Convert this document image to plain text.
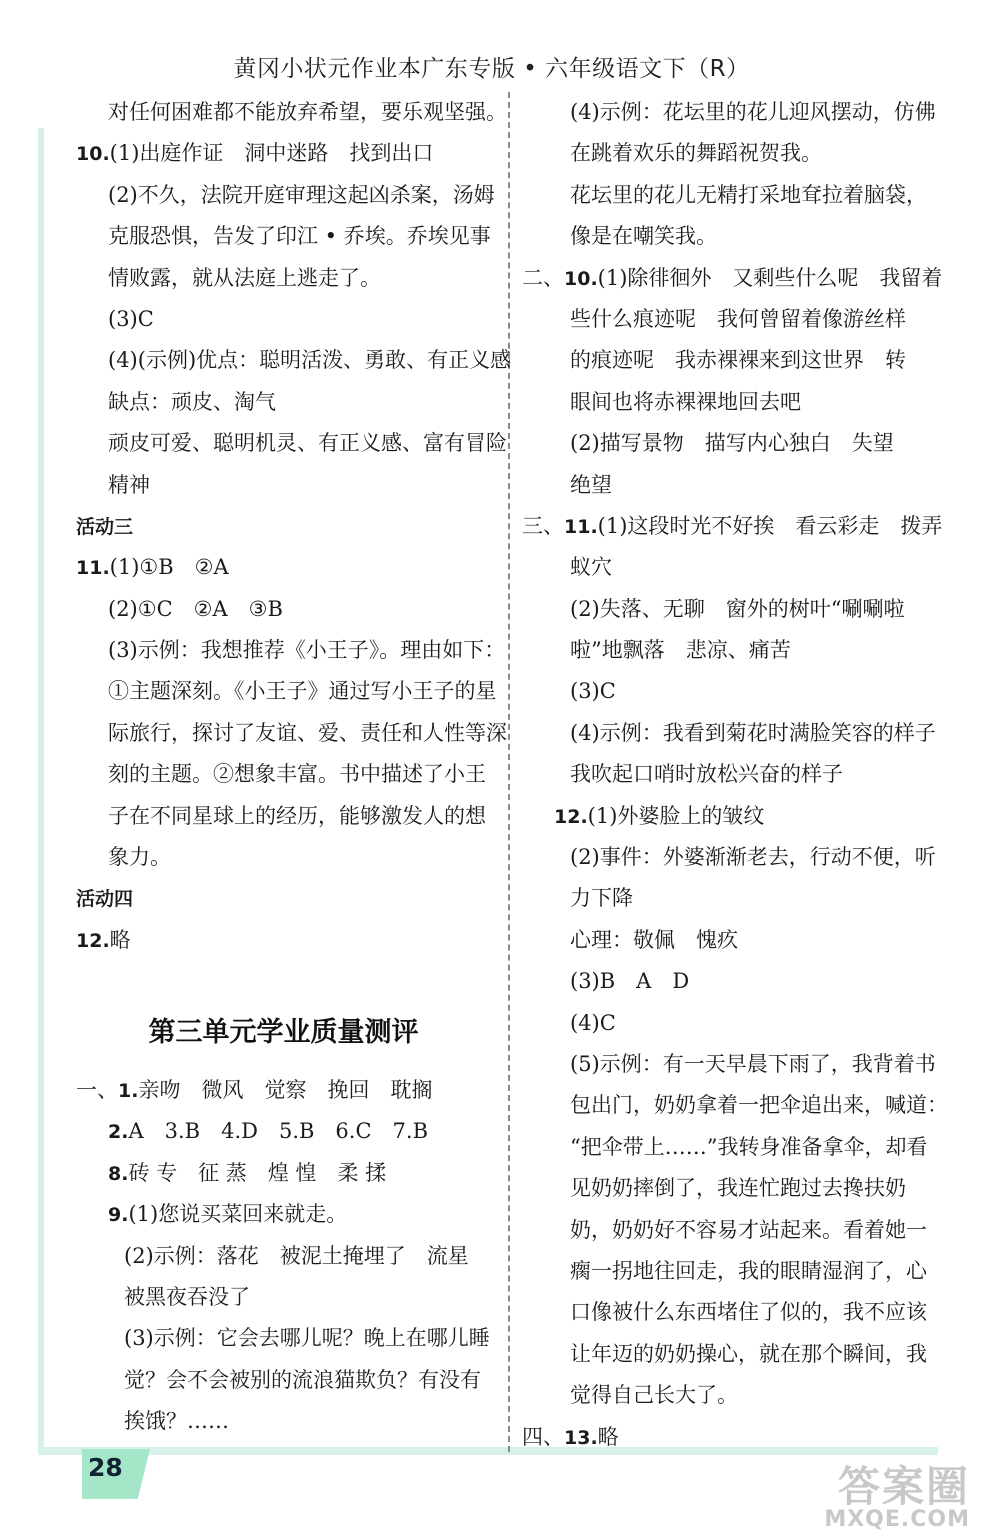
黄冈小状元作业本广东专版 • 六年级语文下（R）
对任何困难都不能放弃希望，要乐观坚强。
10.(1)出庭作证　洞中迷路　找到出口
(2)不久，法院开庭审理这起凶杀案，汤姆
克服恐惧，告发了印江 • 乔埃。乔埃见事
情败露，就从法庭上逃走了。
(3)C
(4)(示例)优点：聪明活泼、勇敢、有正义感
缺点：顽皮、淘气
顽皮可爱、聪明机灵、有正义感、富有冒险
精神
活动三
11.(1)①B　②A
(2)①C　②A　③B
(3)示例：我想推荐《小王子》。理由如下：
①主题深刻。《小王子》通过写小王子的星
际旅行，探讨了友谊、爱、责任和人性等深
刻的主题。②想象丰富。书中描述了小王
子在不同星球上的经历，能够激发人的想
象力。
活动四
12.略
第三单元学业质量测评
一、1.亲吻　微风　觉察　挽回　耽搁
2.A　3.B　4.D　5.B　6.C　7.B
8.砖 专　征 蒸　煌 惶　柔 揉
9.(1)您说买菜回来就走。
(2)示例：落花　被泥土掩埋了　流星
被黑夜吞没了
(3)示例：它会去哪儿呢？晚上在哪儿睡
觉？会不会被别的流浪猫欺负？有没有
挨饿？……
(4)示例：花坛里的花儿迎风摆动，仿佛
在跳着欢乐的舞蹈祝贺我。
花坛里的花儿无精打采地耷拉着脑袋，
像是在嘲笑我。
二、10.(1)除徘徊外　又剩些什么呢　我留着
些什么痕迹呢　我何曾留着像游丝样
的痕迹呢　我赤裸裸来到这世界　转
眼间也将赤裸裸地回去吧
(2)描写景物　描写内心独白　失望
绝望
三、11.(1)这段时光不好挨　看云彩走　拨弄
蚁穴
(2)失落、无聊　窗外的树叶“唰唰啦
啦”地飘落　悲凉、痛苦
(3)C
(4)示例：我看到菊花时满脸笑容的样子
我吹起口哨时放松兴奋的样子
12.(1)外婆脸上的皱纹
(2)事件：外婆渐渐老去，行动不便，听
力下降
心理：敬佩　愧疚
(3)B　A　D
(4)C
(5)示例：有一天早晨下雨了，我背着书
包出门，奶奶拿着一把伞追出来，喊道：
“把伞带上……”我转身准备拿伞，却看
见奶奶摔倒了，我连忙跑过去搀扶奶
奶，奶奶好不容易才站起来。看着她一
瘸一拐地往回走，我的眼睛湿润了，心
口像被什么东西堵住了似的，我不应该
让年迈的奶奶操心，就在那个瞬间，我
觉得自己长大了。
四、13.略
28	答案圈
MXQE.COM
